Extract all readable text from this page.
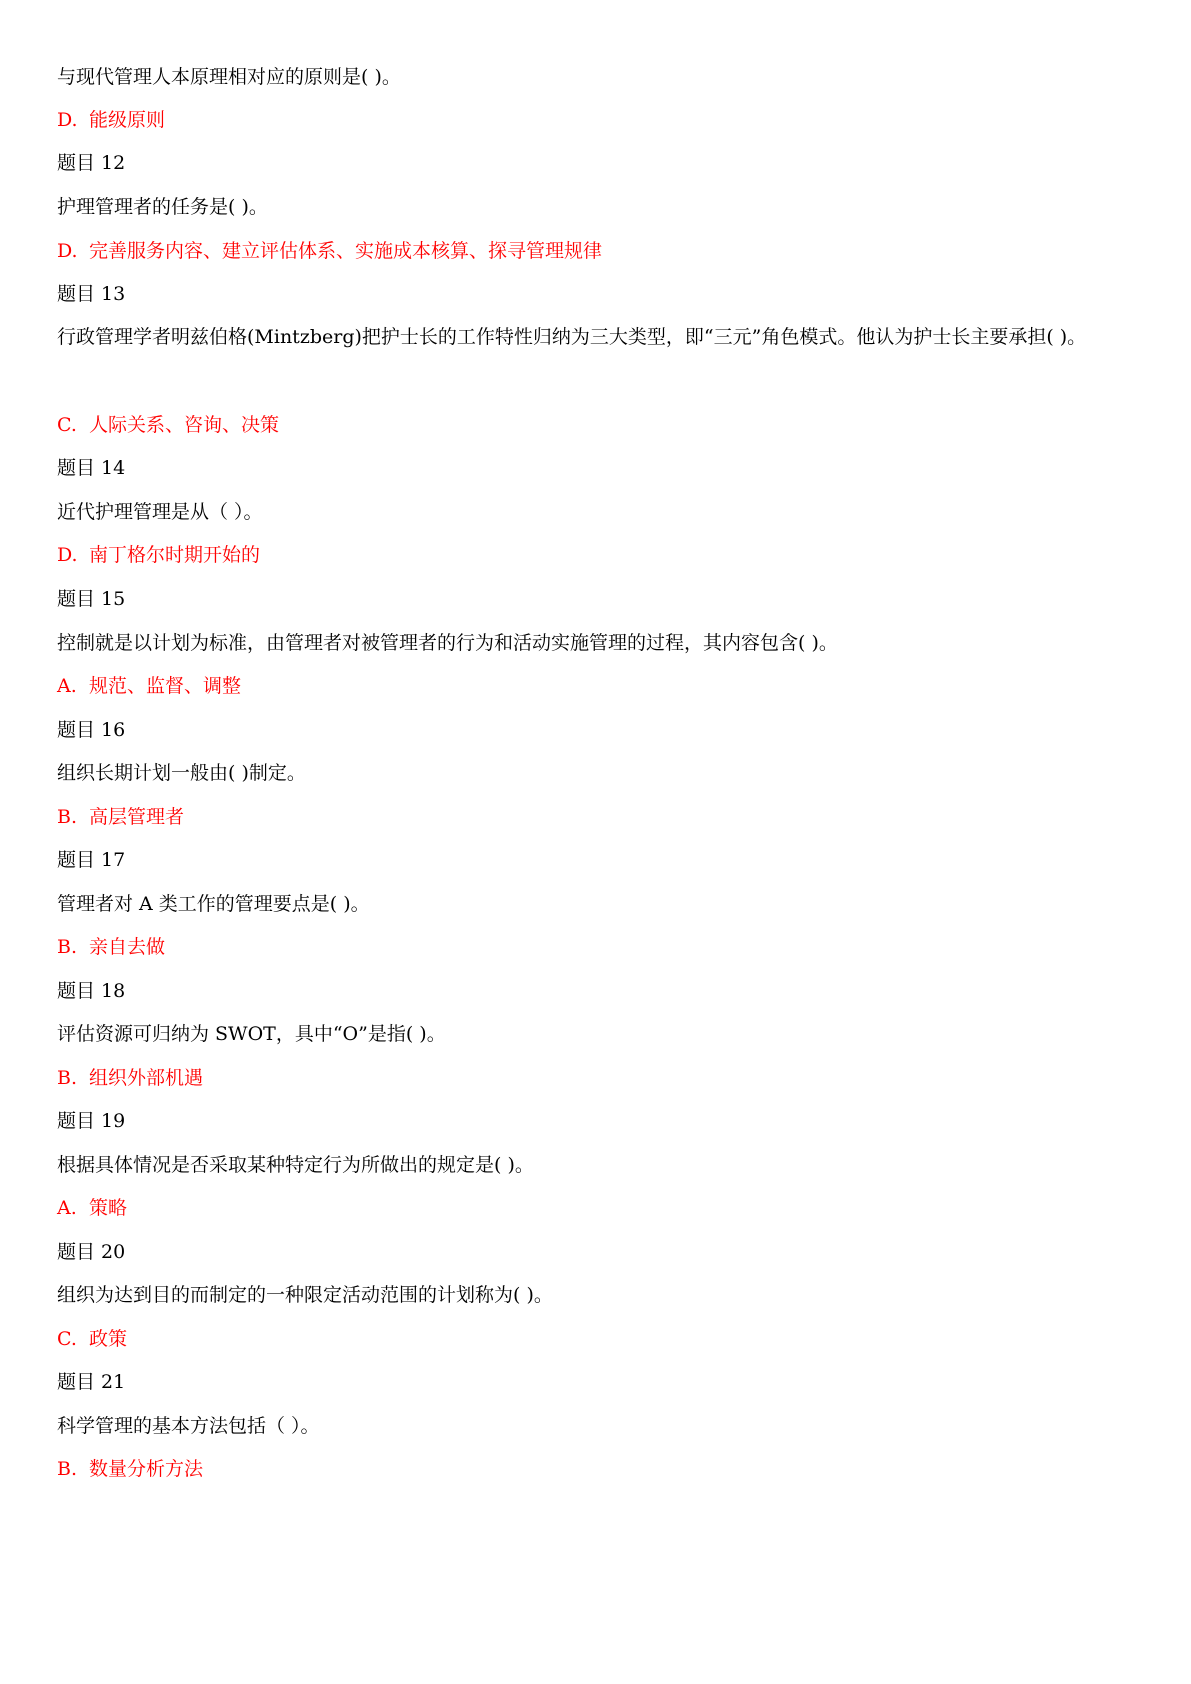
与现代管理人本原理相对应的原则是( )。

D. 能级原则

题目 12

护理管理者的任务是( )。

D. 完善服务内容、建立评估体系、实施成本核算、探寻管理规律

题目 13

行政管理学者明兹伯格(Mintzberg)把护士长的工作特性归纳为三大类型，即“三元”角色模式。他认为护士长主要承担( )。

C. 人际关系、咨询、决策

题目 14

近代护理管理是从（ ）。

D. 南丁格尔时期开始的

题目 15

控制就是以计划为标准，由管理者对被管理者的行为和活动实施管理的过程，其内容包含( )。

A. 规范、监督、调整

题目 16

组织长期计划一般由( )制定。

B. 高层管理者

题目 17

管理者对 A 类工作的管理要点是( )。

B. 亲自去做

题目 18

评估资源可归纳为 SWOT，具中“O”是指( )。

B. 组织外部机遇

题目 19

根据具体情况是否采取某种特定行为所做出的规定是( )。

A. 策略

题目 20

组织为达到目的而制定的一种限定活动范围的计划称为( )。

C. 政策

题目 21

科学管理的基本方法包括（ ）。

B. 数量分析方法
